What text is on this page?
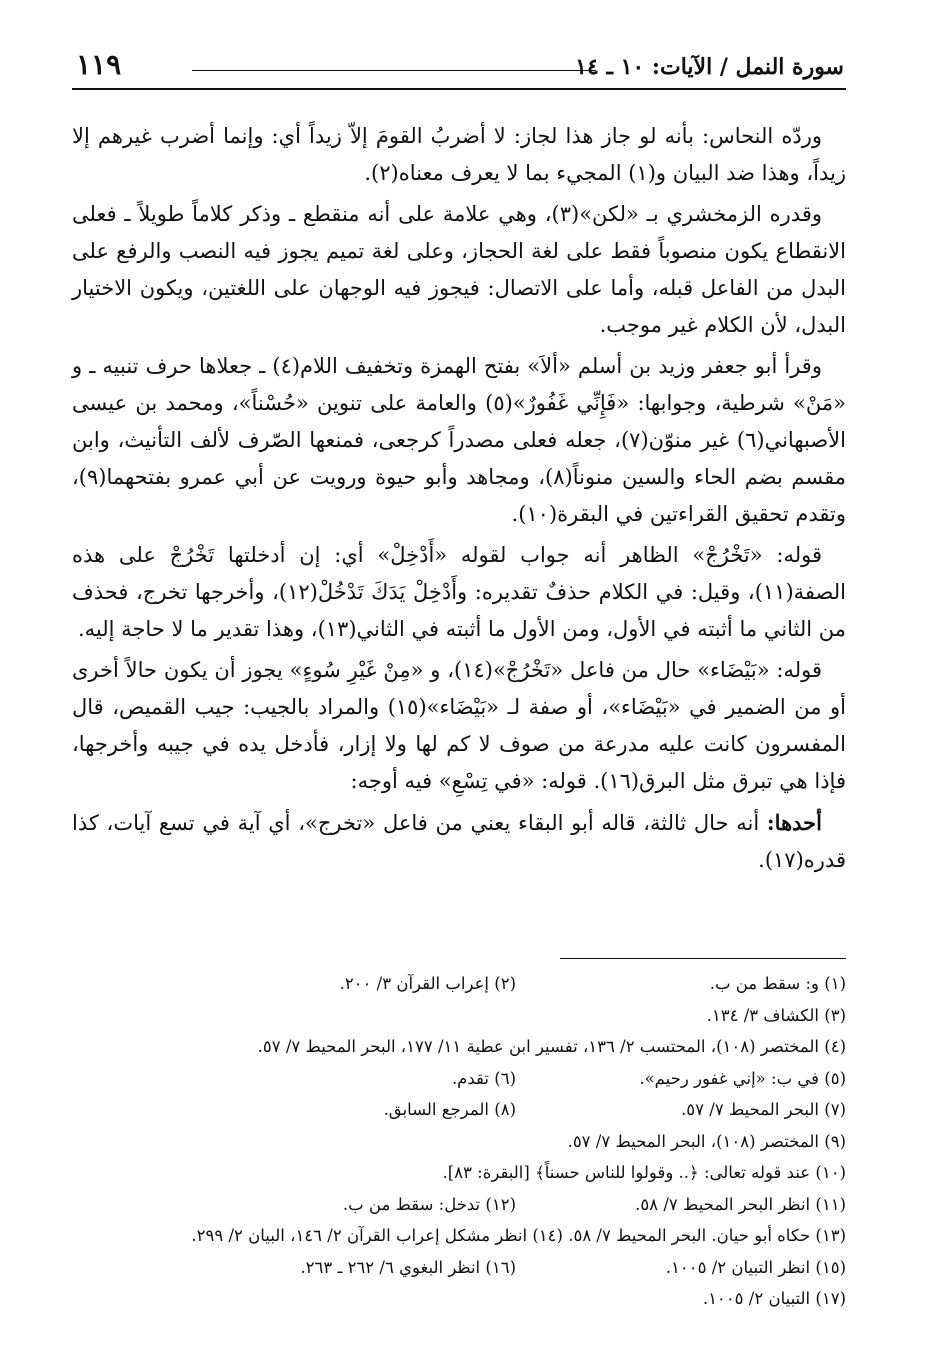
سورة النمل / الآيات: ١٠ ـ ١٤
١١٩

وردّه النحاس: بأنه لو جاز هذا لجاز: لا أضربُ القومَ إلاّ زيداً أي: وإنما أضرب غيرهم إلا زيداً، وهذا ضد البيان و(١) المجيء بما لا يعرف معناه(٢).

وقدره الزمخشري بـ «لكن»(٣)، وهي علامة على أنه منقطع ـ وذكر كلاماً طويلاً ـ فعلى الانقطاع يكون منصوباً فقط على لغة الحجاز، وعلى لغة تميم يجوز فيه النصب والرفع على البدل من الفاعل قبله، وأما على الاتصال: فيجوز فيه الوجهان على اللغتين، ويكون الاختيار البدل، لأن الكلام غير موجب.

وقرأ أبو جعفر وزيد بن أسلم «ألاَ» بفتح الهمزة وتخفيف اللام(٤) ـ جعلاها حرف تنبيه ـ و «مَنْ» شرطية، وجوابها: «فَإِنِّي غَفُورٌ»(٥) والعامة على تنوين «حُسْناً»، ومحمد بن عيسى الأصبهاني(٦) غير منوّن(٧)، جعله فعلى مصدراً كرجعى، فمنعها الصّرف لألف التأنيث، وابن مقسم بضم الحاء والسين منوناً(٨)، ومجاهد وأبو حيوة ورويت عن أبي عمرو بفتحهما(٩)، وتقدم تحقيق القراءتين في البقرة(١٠).

قوله: «تَخْرُجْ» الظاهر أنه جواب لقوله «أَدْخِلْ» أي: إن أدخلتها تَخْرُجْ على هذه الصفة(١١)، وقيل: في الكلام حذفٌ تقديره: وأَدْخِلْ يَدَكَ تَدْخُلْ(١٢)، وأخرجها تخرج، فحذف من الثاني ما أثبته في الأول، ومن الأول ما أثبته في الثاني(١٣)، وهذا تقدير ما لا حاجة إليه.

قوله: «بَيْضَاء» حال من فاعل «تَخْرُجْ»(١٤)، و «مِنْ غَيْرِ سُوءٍ» يجوز أن يكون حالاً أخرى أو من الضمير في «بَيْضَاء»، أو صفة لـ «بَيْضَاء»(١٥) والمراد بالجيب: جيب القميص، قال المفسرون كانت عليه مدرعة من صوف لا كم لها ولا إزار، فأدخل يده في جيبه وأخرجها، فإذا هي تبرق مثل البرق(١٦). قوله: «في تِسْعِ» فيه أوجه:

أحدها: أنه حال ثالثة، قاله أبو البقاء يعني من فاعل «تخرج»، أي آية في تسع آيات، كذا قدره(١٧).

(١) و: سقط من ب.
(٢) إعراب القرآن ٣/ ٢٠٠.
(٣) الكشاف ٣/ ١٣٤.
(٤) المختصر (١٠٨)، المحتسب ٢/ ١٣٦، تفسير ابن عطية ١١/ ١٧٧، البحر المحيط ٧/ ٥٧.
(٥) في ب: «إني غفور رحيم».
(٦) تقدم.
(٧) البحر المحيط ٧/ ٥٧.
(٨) المرجع السابق.
(٩) المختصر (١٠٨)، البحر المحيط ٧/ ٥٧.
(١٠) عند قوله تعالى: ﴿.. وقولوا للناس حسناً﴾ [البقرة: ٨٣].
(١١) انظر البحر المحيط ٧/ ٥٨.
(١٢) تدخل: سقط من ب.
(١٣) حكاه أبو حيان. البحر المحيط ٧/ ٥٨. (١٤) انظر مشكل إعراب القرآن ٢/ ١٤٦، البيان ٢/ ٢٩٩.
(١٥) انظر التبيان ٢/ ١٠٠٥.
(١٦) انظر البغوي ٦/ ٢٦٢ ـ ٢٦٣.
(١٧) التبيان ٢/ ١٠٠٥.
